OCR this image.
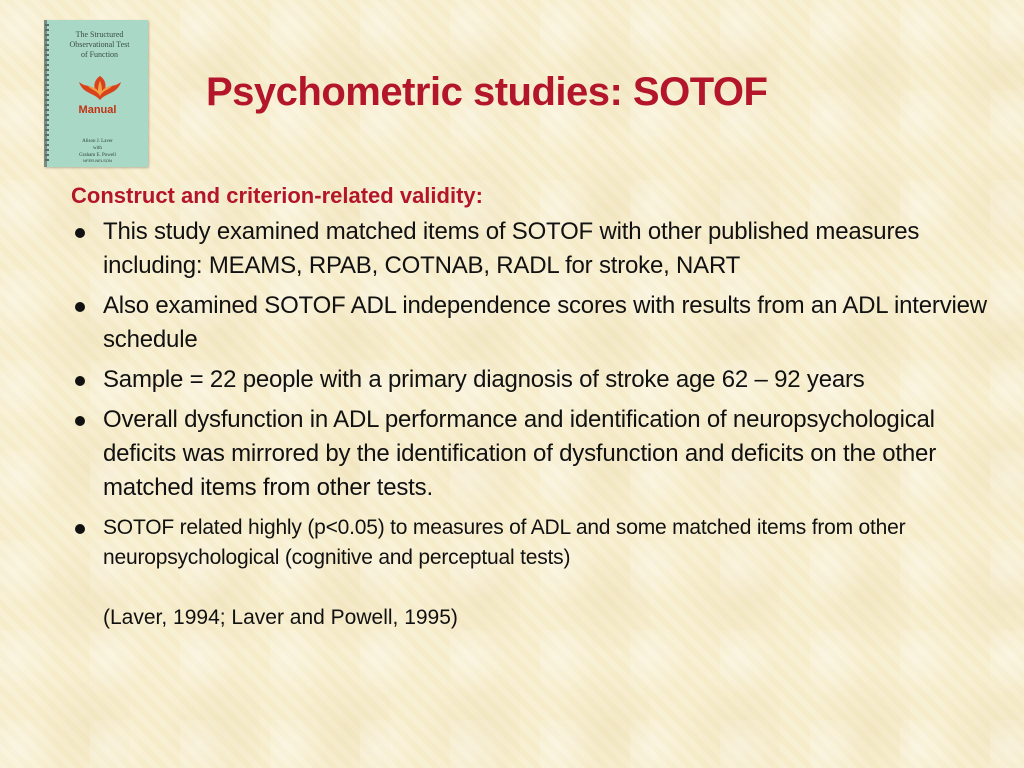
The Structured
Observational Test
of Function
Manual
Alison J. Laver
with
Graham E. Powell
NFER-NELSON
Psychometric studies: SOTOF
Construct and criterion-related validity:
This study examined matched items of SOTOF with other published measures including: MEAMS, RPAB, COTNAB, RADL for stroke, NART
Also examined SOTOF ADL independence scores with results from an ADL interview schedule
Sample = 22 people with a primary diagnosis of stroke age 62 – 92 years
Overall dysfunction in ADL performance and identification of neuropsychological deficits was mirrored by the identification of dysfunction and deficits on the other matched items from other tests.
SOTOF related highly (p<0.05) to measures of ADL and some matched items from other neuropsychological (cognitive and perceptual tests)
(Laver, 1994; Laver and Powell, 1995)
